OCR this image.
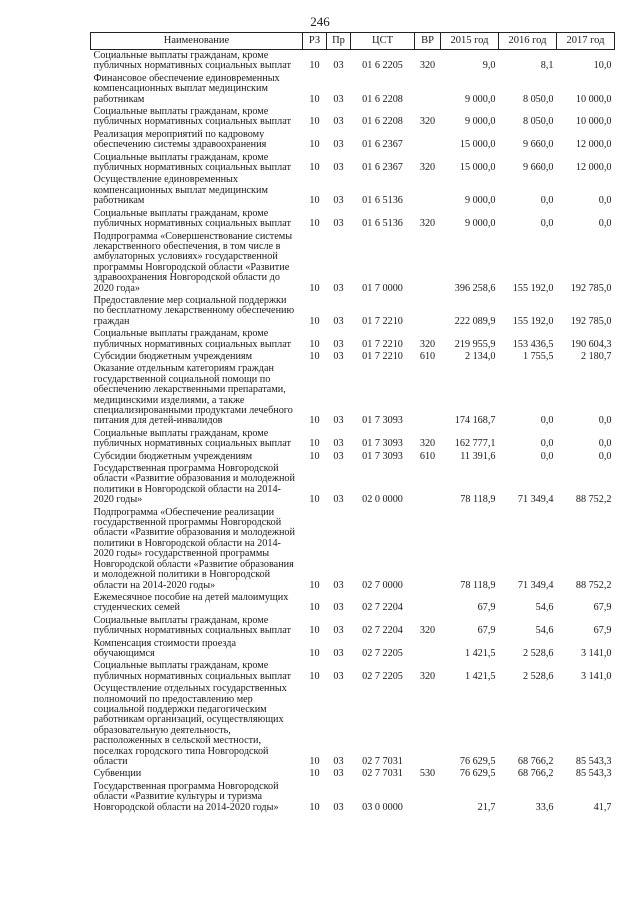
246
Наименование	РЗ	Пр	ЦСТ	ВР	2015 год	2016 год	2017 год
Социальные выплаты гражданам, кроме публичных нормативных социальных выплат	10	03	01 6 2205	320	9,0	8,1	10,0
Финансовое обеспечение единовременных компенсационных выплат медицинским работникам	10	03	01 6 2208		9 000,0	8 050,0	10 000,0
Социальные выплаты гражданам, кроме публичных нормативных социальных выплат	10	03	01 6 2208	320	9 000,0	8 050,0	10 000,0
Реализация мероприятий по кадровому обеспечению системы здравоохранения	10	03	01 6 2367		15 000,0	9 660,0	12 000,0
Социальные выплаты гражданам, кроме публичных нормативных социальных выплат	10	03	01 6 2367	320	15 000,0	9 660,0	12 000,0
Осуществление единовременных компенсационных выплат медицинским работникам	10	03	01 6 5136		9 000,0	0,0	0,0
Социальные выплаты гражданам, кроме публичных нормативных социальных выплат	10	03	01 6 5136	320	9 000,0	0,0	0,0
Подпрограмма «Совершенствование системы лекарственного обеспечения, в том числе в амбулаторных условиях» государственной программы Новгородской области «Развитие здравоохранения Новгородской области до 2020 года»	10	03	01 7 0000		396 258,6	155 192,0	192 785,0
Предоставление мер социальной поддержки по бесплатному лекарственному обеспечению граждан	10	03	01 7 2210		222 089,9	155 192,0	192 785,0
Социальные выплаты гражданам, кроме публичных нормативных социальных выплат	10	03	01 7 2210	320	219 955,9	153 436,5	190 604,3
Субсидии бюджетным учреждениям	10	03	01 7 2210	610	2 134,0	1 755,5	2 180,7
Оказание отдельным категориям граждан государственной социальной помощи по обеспечению лекарственными препаратами, медицинскими изделиями, а также специализированными продуктами лечебного питания для детей-инвалидов	10	03	01 7 3093		174 168,7	0,0	0,0
Социальные выплаты гражданам, кроме публичных нормативных социальных выплат	10	03	01 7 3093	320	162 777,1	0,0	0,0
Субсидии бюджетным учреждениям	10	03	01 7 3093	610	11 391,6	0,0	0,0
Государственная программа Новгородской области «Развитие образования и молодежной политики в Новгородской области на 2014-2020 годы»	10	03	02 0 0000		78 118,9	71 349,4	88 752,2
Подпрограмма «Обеспечение реализации государственной программы Новгородской области «Развитие образования и молодежной политики в Новгородской области на 2014-2020 годы» государственной программы Новгородской области «Развитие образования и молодежной политики в Новгородской области на 2014-2020 годы»	10	03	02 7 0000		78 118,9	71 349,4	88 752,2
Ежемесячное пособие на детей малоимущих студенческих семей	10	03	02 7 2204		67,9	54,6	67,9
Социальные выплаты гражданам, кроме публичных нормативных социальных выплат	10	03	02 7 2204	320	67,9	54,6	67,9
Компенсация стоимости проезда обучающимся	10	03	02 7 2205		1 421,5	2 528,6	3 141,0
Социальные выплаты гражданам, кроме публичных нормативных социальных выплат	10	03	02 7 2205	320	1 421,5	2 528,6	3 141,0
Осуществление отдельных государственных полномочий по предоставлению мер социальной поддержки педагогическим работникам организаций, осуществляющих образовательную деятельность, расположенных в сельской местности, поселках городского типа Новгородской области	10	03	02 7 7031		76 629,5	68 766,2	85 543,3
Субвенции	10	03	02 7 7031	530	76 629,5	68 766,2	85 543,3
Государственная программа Новгородской области «Развитие культуры и туризма Новгородской области на 2014-2020 годы»	10	03	03 0 0000		21,7	33,6	41,7
